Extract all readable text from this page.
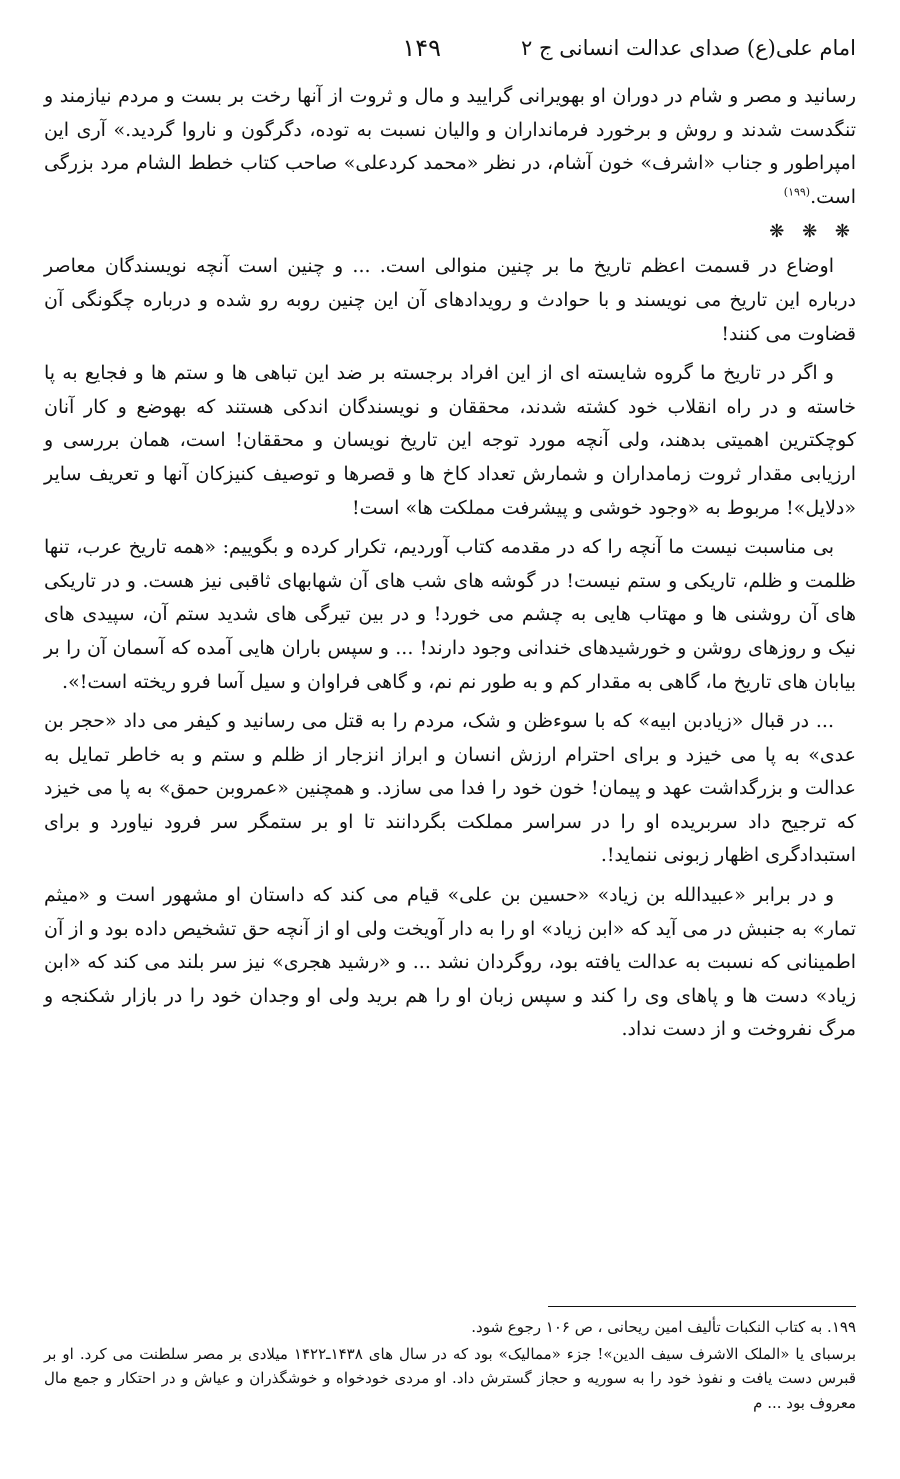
امام علی(ع) صدای عدالت انسانی ج ۲
۱۴۹

رسانید و مصر و شام در دوران او بهویرانی گرایید و مال و ثروت از آنها رخت بر بست و مردم نیازمند و تنگدست شدند و روش و برخورد فرمانداران و والیان نسبت به توده، دگرگون و ناروا گردید.» آری این امپراطور و جناب «اشرف» خون آشام، در نظر «محمد کردعلی» صاحب کتاب خطط الشام مرد بزرگی است.$^{(۱۹۹)}$

❋ ❋ ❋

اوضاع در قسمت اعظم تاریخ ما بر چنین منوالی است. ... و چنین است آنچه نویسندگان معاصر درباره این تاریخ می نویسند و با حوادث و رویدادهای آن این چنین روبه رو شده و درباره چگونگی آن قضاوت می کنند!

و اگر در تاریخ ما گروه شایسته ای از این افراد برجسته بر ضد این تباهی ها و ستم ها و فجایع به پا خاسته و در راه انقلاب خود کشته شدند، محققان و نویسندگان اندکی هستند که بهوضع و کار آنان کوچکترین اهمیتی بدهند، ولی آنچه مورد توجه این تاریخ نویسان و محققان! است، همان بررسی و ارزیابی مقدار ثروت زمامداران و شمارش تعداد کاخ ها و قصرها و توصیف کنیزکان آنها و تعریف سایر «دلایل»! مربوط به «وجود خوشی و پیشرفت مملکت ها» است!

بی مناسبت نیست ما آنچه را که در مقدمه کتاب آوردیم، تکرار کرده و بگوییم: «همه تاریخ عرب، تنها ظلمت و ظلم، تاریکی و ستم نیست! در گوشه های شب های آن شهابهای ثاقبی نیز هست. و در تاریکی های آن روشنی ها و مهتاب هایی به چشم می خورد! و در بین تیرگی های شدید ستم آن، سپیدی های نیک و روزهای روشن و خورشیدهای خندانی وجود دارند! ... و سپس باران هایی آمده که آسمان آن را بر بیابان های تاریخ ما، گاهی به مقدار کم و به طور نم نم، و گاهی فراوان و سیل آسا فرو ریخته است!».

... در قبال «زیادبن ابیه» که با سوءظن و شک، مردم را به قتل می رسانید و کیفر می داد «حجر بن عدی» به پا می خیزد و برای احترام ارزش انسان و ابراز انزجار از ظلم و ستم و به خاطر تمایل به عدالت و بزرگداشت عهد و پیمان! خون خود را فدا می سازد. و همچنین «عمروبن حمق» به پا می خیزد که ترجیح داد سربریده او را در سراسر مملکت بگردانند تا او بر ستمگر سر فرود نیاورد و برای استبدادگری اظهار زبونی ننماید!.

و در برابر «عبیدالله بن زیاد» «حسین بن علی» قیام می کند که داستان او مشهور است و «میثم تمار» به جنبش در می آید که «ابن زیاد» او را به دار آویخت ولی او از آنچه حق تشخیص داده بود و از آن اطمینانی که نسبت به عدالت یافته بود، روگردان نشد ... و «رشید هجری» نیز سر بلند می کند که «ابن زیاد» دست ها و پاهای وی را کند و سپس زبان او را هم برید ولی او وجدان خود را در بازار شکنجه و مرگ نفروخت و از دست نداد.

۱۹۹. به کتاب النکبات تألیف امین ریحانی ، ص ۱۰۶ رجوع شود.

برسبای یا «الملک الاشرف سیف الدین»! جزء «ممالیک» بود که در سال های ۱۴۳۸ـ۱۴۲۲ میلادی بر مصر سلطنت می کرد. او بر قبرس دست یافت و نفوذ خود را به سوریه و حجاز گسترش داد. او مردی خودخواه و خوشگذران و عیاش و در احتکار و جمع مال معروف بود ... م
